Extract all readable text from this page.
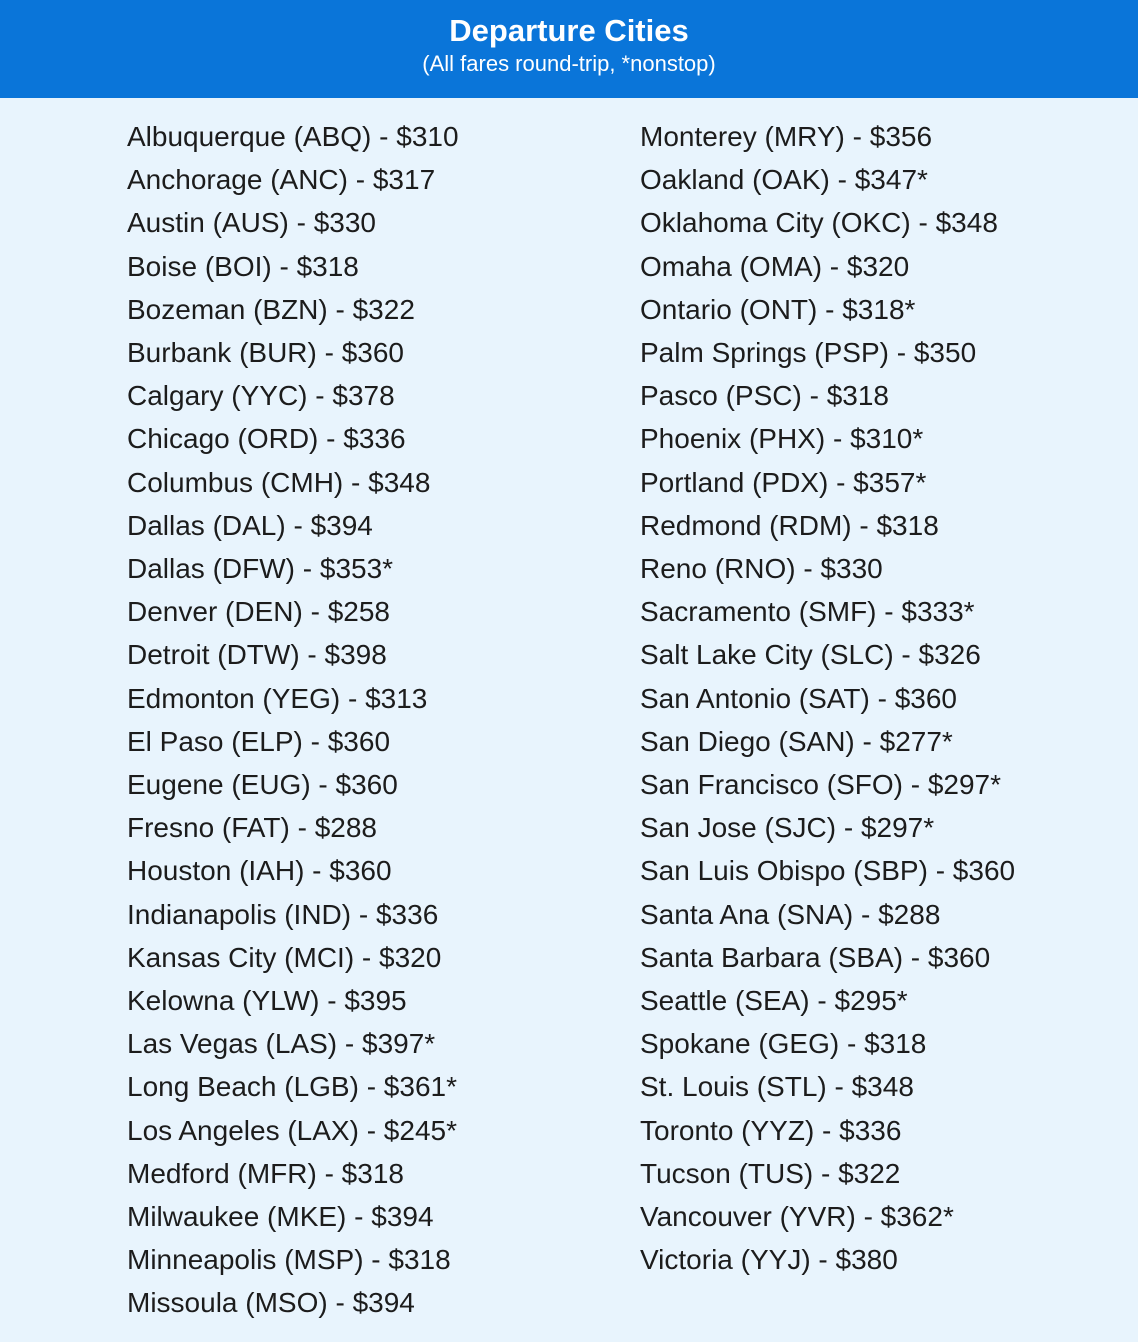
Departure Cities
(All fares round-trip, *nonstop)
Albuquerque (ABQ) - $310
Anchorage (ANC) - $317
Austin (AUS) - $330
Boise (BOI) - $318
Bozeman (BZN) - $322
Burbank (BUR) - $360
Calgary (YYC) - $378
Chicago (ORD) - $336
Columbus (CMH) - $348
Dallas (DAL) - $394
Dallas (DFW) - $353*
Denver (DEN) - $258
Detroit (DTW) - $398
Edmonton (YEG) - $313
El Paso (ELP) - $360
Eugene (EUG) - $360
Fresno (FAT) - $288
Houston (IAH) - $360
Indianapolis (IND) - $336
Kansas City (MCI) - $320
Kelowna (YLW) - $395
Las Vegas (LAS) - $397*
Long Beach (LGB) - $361*
Los Angeles (LAX) - $245*
Medford (MFR) - $318
Milwaukee (MKE) - $394
Minneapolis (MSP) - $318
Missoula (MSO) - $394
Monterey (MRY) - $356
Oakland (OAK) - $347*
Oklahoma City (OKC) - $348
Omaha (OMA) - $320
Ontario (ONT) - $318*
Palm Springs (PSP) - $350
Pasco (PSC) - $318
Phoenix (PHX) - $310*
Portland (PDX) - $357*
Redmond (RDM) - $318
Reno (RNO) - $330
Sacramento (SMF) - $333*
Salt Lake City (SLC) - $326
San Antonio (SAT) - $360
San Diego (SAN) - $277*
San Francisco (SFO) - $297*
San Jose (SJC) - $297*
San Luis Obispo (SBP) - $360
Santa Ana (SNA) - $288
Santa Barbara (SBA) - $360
Seattle (SEA) - $295*
Spokane (GEG) - $318
St. Louis (STL) - $348
Toronto (YYZ) - $336
Tucson (TUS) - $322
Vancouver (YVR) - $362*
Victoria (YYJ) - $380
